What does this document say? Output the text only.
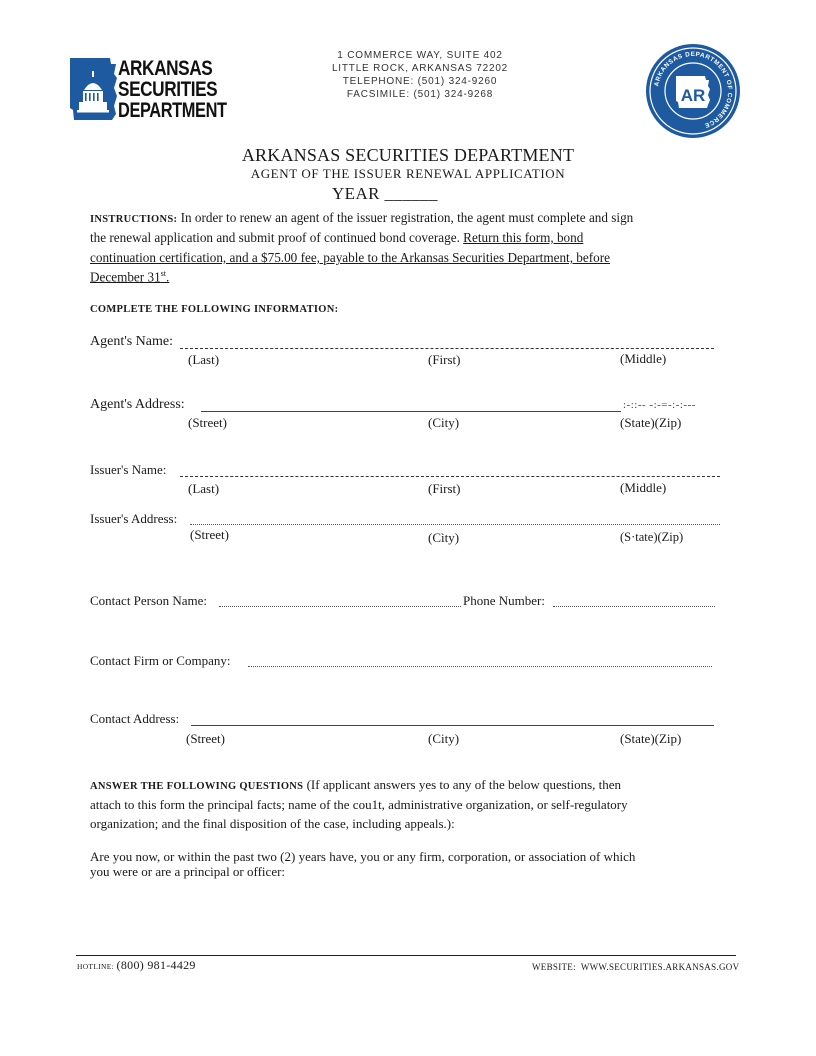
ARKANSAS
SECURITIES
DEPARTMENT
1 COMMERCE WAY, SUITE 402
LITTLE ROCK, ARKANSAS 72202
TELEPHONE: (501) 324-9260
FACSIMILE: (501) 324-9268
ARKANSAS DEPARTMENT OF COMMERCE
AR
ARKANSAS SECURITIES DEPARTMENT
AGENT OF THE ISSUER RENEWAL APPLICATION
YEAR ______
INSTRUCTIONS: In order to renew an agent of the issuer registration, the agent must complete and sign
the renewal application and submit proof of continued bond coverage. Return this form, bond
continuation certification, and a $75.00 fee, payable to the Arkansas Securities Department, before
December 31st.
COMPLETE THE FOLLOWING INFORMATION:
Agent's Name:
(Last)	(First)	(Middle)
Agent's Address:	:-::-- -:-=-:-:---
(Street)	(City)	(State)(Zip)
Issuer's Name:
(Last)	(First)	(Middle)
Issuer's Address:
(Street)	(Cìty)	(S·tate)(Zip)
Contact Person Name:	Phone Number:
Contact Firm or Company:
Contact Address:
(Street)	(City)	(State)(Zip)
ANSWER THE FOLLOWING QUESTIONS (If applicant answers yes to any of the below questions, then
attach to this form the principal facts; name of the cou1t, administrative organization, or self-regulatory
organization; and the final disposition of the case, including appeals.):
Are you now, or within the past two (2) years have, you or any firm, corporation, or association of which
you were or are a principal or officer:
HOTLINE: (800) 981-4429	WEBSITE: WWW.SECURITIES.ARKANSAS.GOV
